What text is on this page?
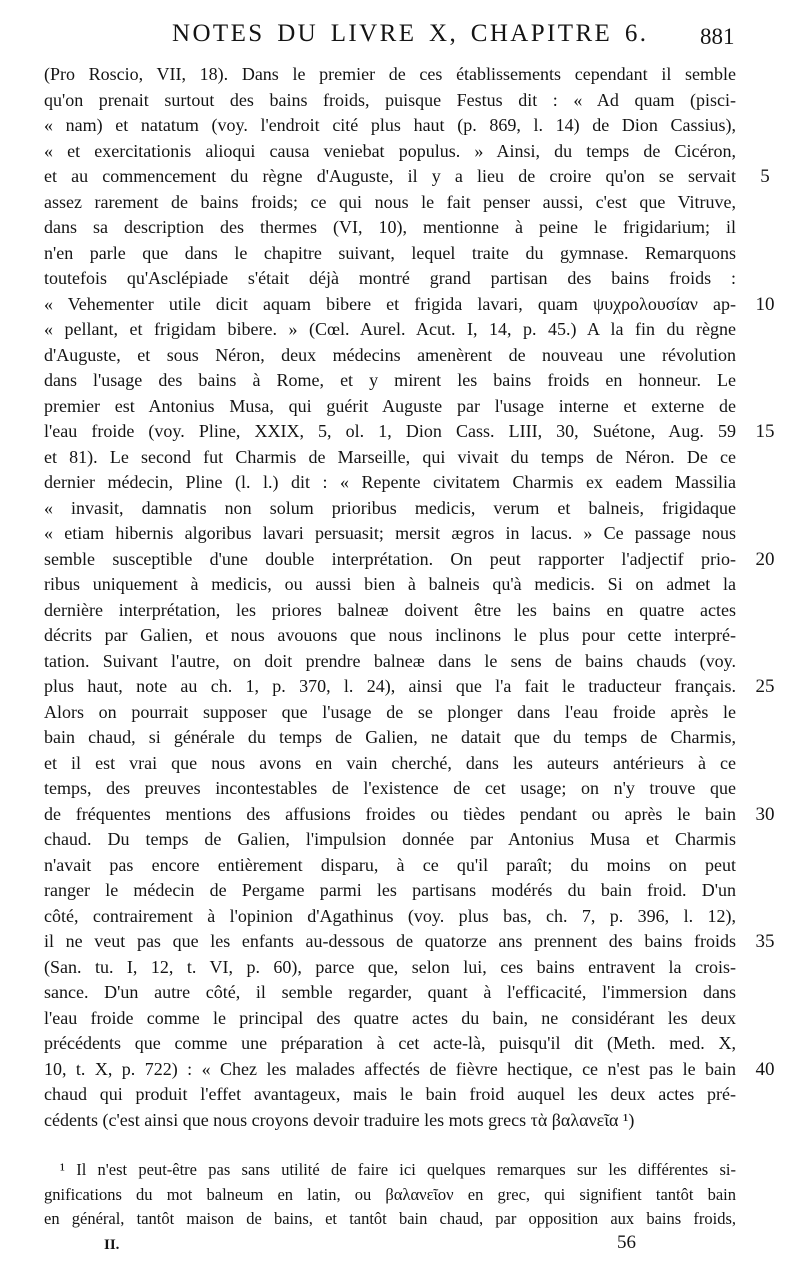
NOTES DU LIVRE X, CHAPITRE 6. 881
(Pro Roscio, VII, 18). Dans le premier de ces établissements cependant il semble
qu'on prenait surtout des bains froids, puisque Festus dit : « Ad quam (pisci-
« nam) et natatum (voy. l'endroit cité plus haut (p. 869, l. 14) de Dion Cassius),
« et exercitationis alioqui causa veniebat populus. » Ainsi, du temps de Cicéron,
et au commencement du règne d'Auguste, il y a lieu de croire qu'on se servait
assez rarement de bains froids; ce qui nous le fait penser aussi, c'est que Vitruve,
dans sa description des thermes (VI, 10), mentionne à peine le frigidarium; il
n'en parle que dans le chapitre suivant, lequel traite du gymnase. Remarquons
toutefois qu'Asclépiade s'était déjà montré grand partisan des bains froids :
« Vehementer utile dicit aquam bibere et frigida lavari, quam ψυχρολουσίαν ap-
« pellant, et frigidam bibere. » (Cœl. Aurel. Acut. I, 14, p. 45.) A la fin du règne
d'Auguste, et sous Néron, deux médecins amenèrent de nouveau une révolution
dans l'usage des bains à Rome, et y mirent les bains froids en honneur. Le
premier est Antonius Musa, qui guérit Auguste par l'usage interne et externe de
l'eau froide (voy. Pline, XXIX, 5, ol. 1, Dion Cass. LIII, 30, Suétone, Aug. 59
et 81). Le second fut Charmis de Marseille, qui vivait du temps de Néron. De ce
dernier médecin, Pline (l. l.) dit : « Repente civitatem Charmis ex eadem Massilia
« invasit, damnatis non solum prioribus medicis, verum et balneis, frigidaque
« etiam hibernis algoribus lavari persuasit; mersit ægros in lacus. » Ce passage nous
semble susceptible d'une double interprétation. On peut rapporter l'adjectif prio-
ribus uniquement à medicis, ou aussi bien à balneis qu'à medicis. Si on admet la
dernière interprétation, les priores balneæ doivent être les bains en quatre actes
décrits par Galien, et nous avouons que nous inclinons le plus pour cette interpré-
tation. Suivant l'autre, on doit prendre balneæ dans le sens de bains chauds (voy.
plus haut, note au ch. 1, p. 370, l. 24), ainsi que l'a fait le traducteur français.
Alors on pourrait supposer que l'usage de se plonger dans l'eau froide après le
bain chaud, si générale du temps de Galien, ne datait que du temps de Charmis,
et il est vrai que nous avons en vain cherché, dans les auteurs antérieurs à ce
temps, des preuves incontestables de l'existence de cet usage; on n'y trouve que
de fréquentes mentions des affusions froides ou tièdes pendant ou après le bain
chaud. Du temps de Galien, l'impulsion donnée par Antonius Musa et Charmis
n'avait pas encore entièrement disparu, à ce qu'il paraît; du moins on peut
ranger le médecin de Pergame parmi les partisans modérés du bain froid. D'un
côté, contrairement à l'opinion d'Agathinus (voy. plus bas, ch. 7, p. 396, l. 12),
il ne veut pas que les enfants au-dessous de quatorze ans prennent des bains froids
(San. tu. I, 12, t. VI, p. 60), parce que, selon lui, ces bains entravent la crois-
sance. D'un autre côté, il semble regarder, quant à l'efficacité, l'immersion dans
l'eau froide comme le principal des quatre actes du bain, ne considérant les deux
précédents que comme une préparation à cet acte-là, puisqu'il dit (Meth. med. X,
10, t. X, p. 722) : « Chez les malades affectés de fièvre hectique, ce n'est pas le bain
chaud qui produit l'effet avantageux, mais le bain froid auquel les deux actes pré-
cédents (c'est ainsi que nous croyons devoir traduire les mots grecs τὰ βαλανεῖα ¹)
5
10
15
20
25
30
35
40
¹ Il n'est peut-être pas sans utilité de faire ici quelques remarques sur les différentes si-
gnifications du mot balneum en latin, ou βαλανεῖον en grec, qui signifient tantôt bain
en général, tantôt maison de bains, et tantôt bain chaud, par opposition aux bains froids,
II.	56
